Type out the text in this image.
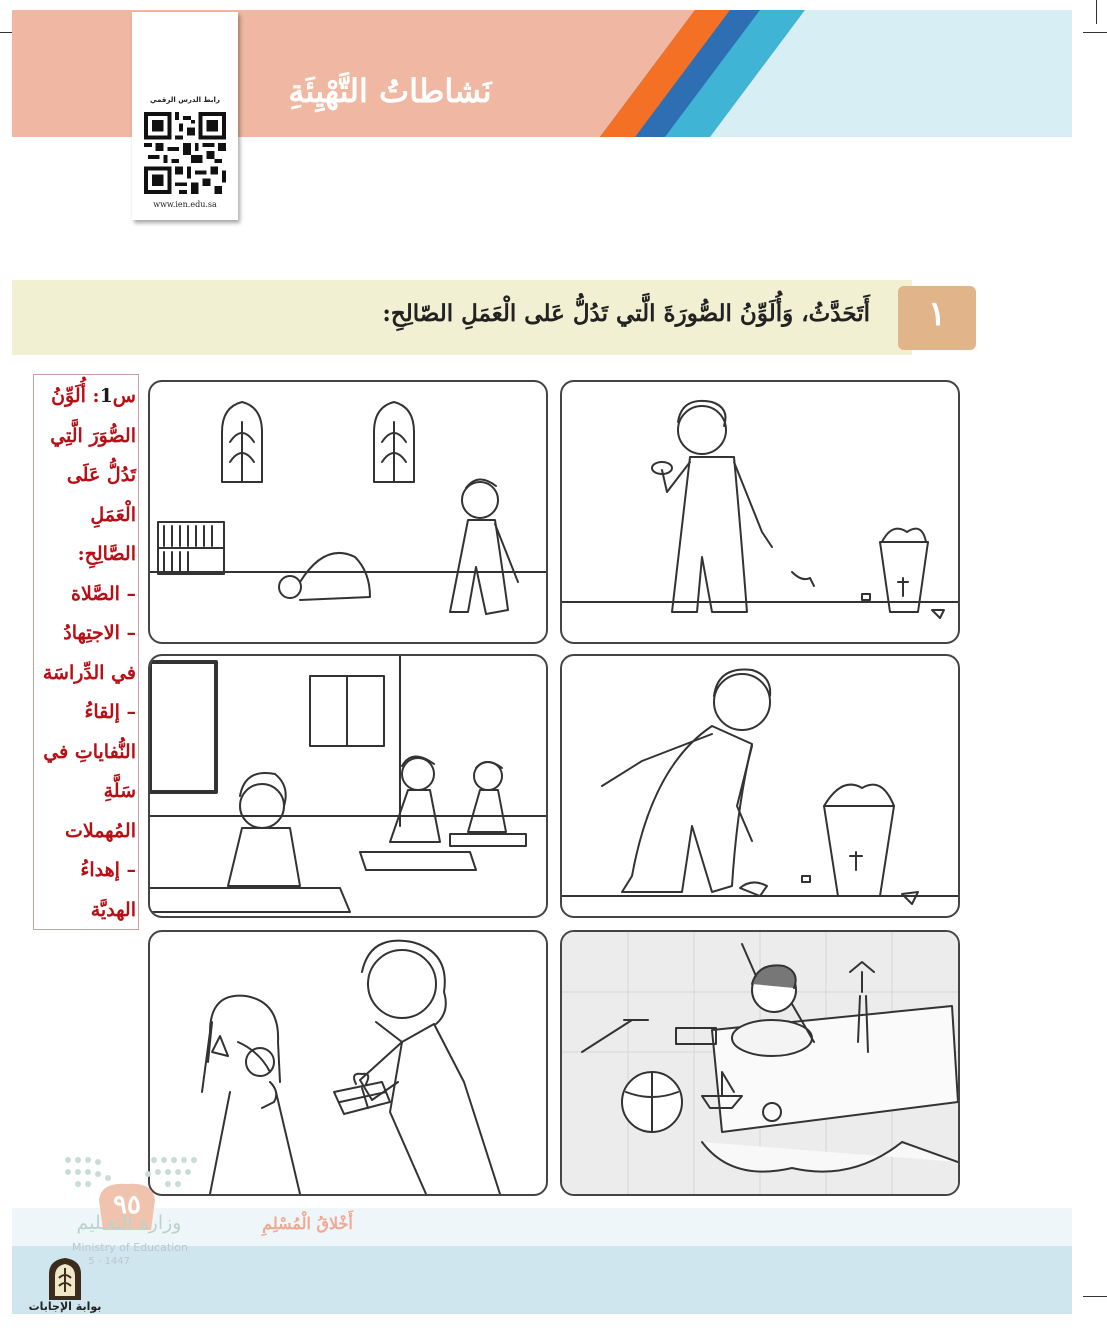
نَشاطاتُ التَّهْيِئَةِ
رابط الدرس الرقمي
www.ien.edu.sa
١
أَتَحَدَّثُ، وَأُلَوِّنُ الصُّورَةَ الَّتي تَدُلُّ عَلى الْعَمَلِ الصّالِحِ:
س1: أُلَوِّنُ الصُّوَرَ الَّتِي تَدُلُّ عَلَى الْعَمَلِ الصَّالِحِ:
– الصَّلاة
– الاجتِهادُ في الدِّراسَة
– إلقاءُ النُّفاياتِ في سَلَّةِ المُهملات
– إهداءُ الهديَّة
٩٥
وزارة التعـليم
Ministry of Education
5 - 1447
أَخْلاقُ الْمُسْلِمِ
بوابة الإجابات
